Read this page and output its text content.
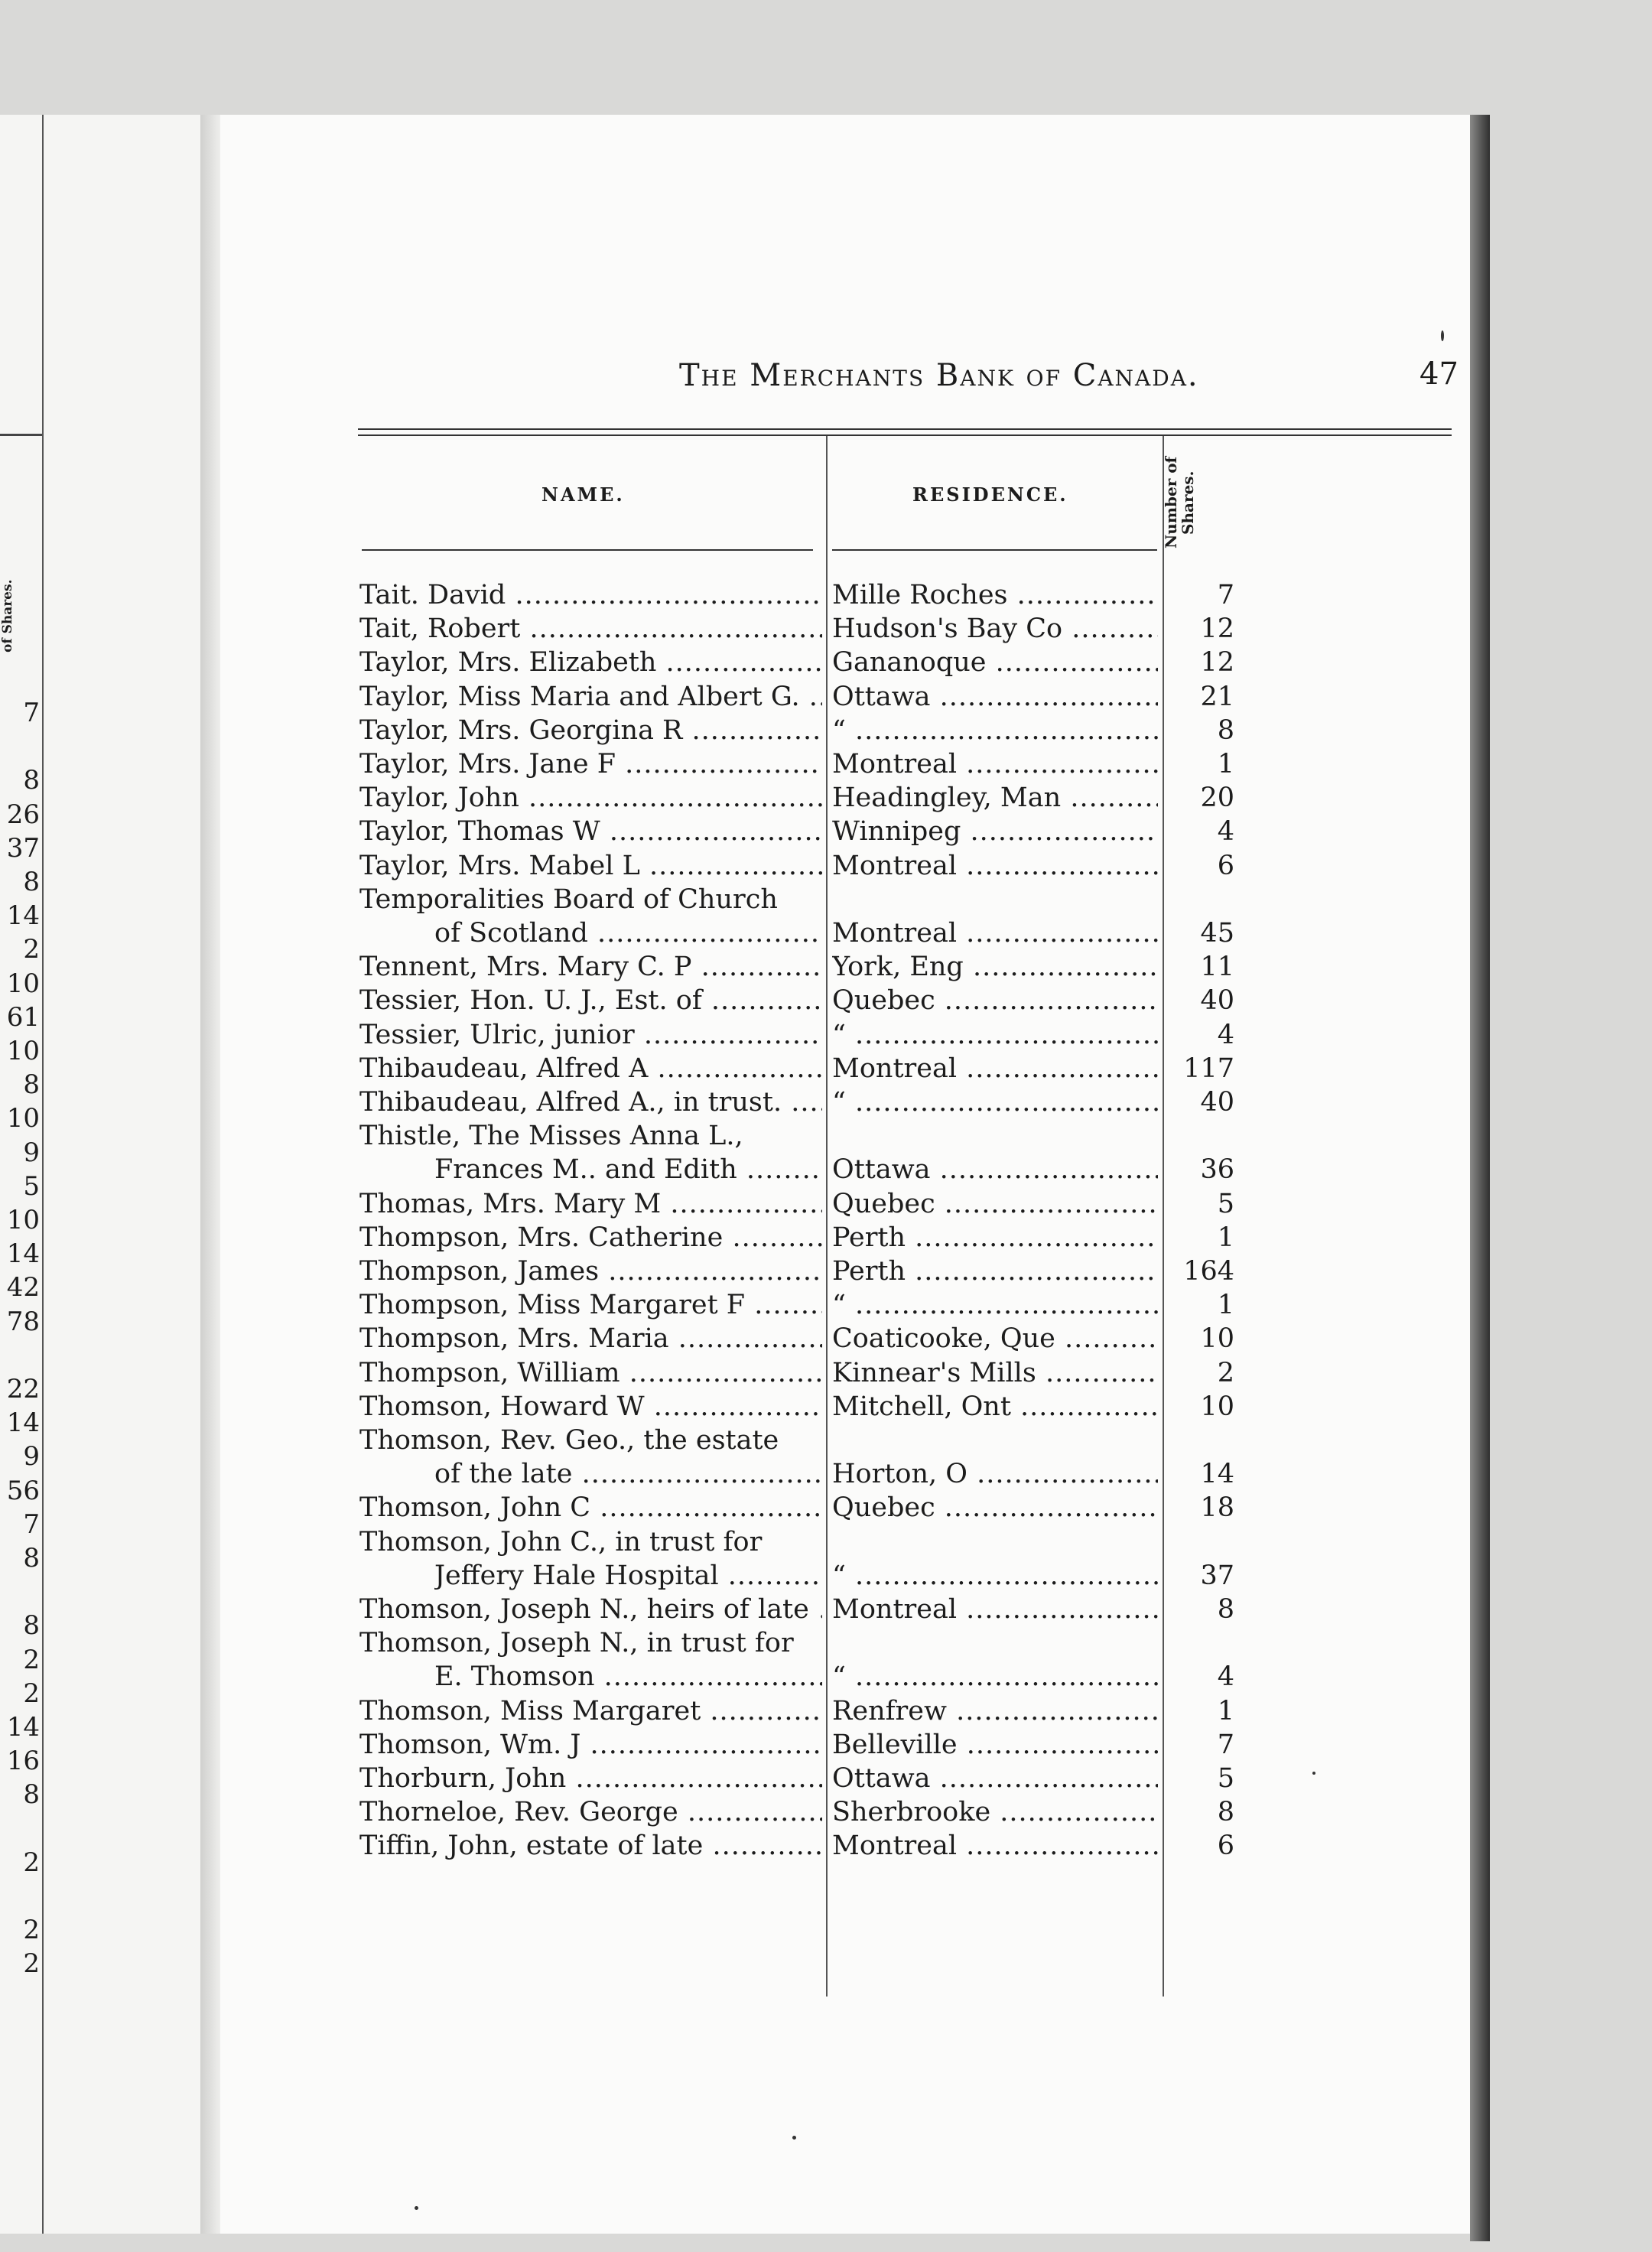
of Shares.
7
8
26
37
8
14
2
10
61
10
8
10
9
5
10
14
42
78
22
14
9
56
7
8
8
2
2
14
16
8
2
2
2
The Merchants Bank of Canada.	47
NAME.	RESIDENCE.	Number of Shares.
Tait. David .....	Mille Roches .....	7
Tait, Robert .....	Hudson's Bay Co .....	12
Taylor, Mrs. Elizabeth .....	Gananoque .....	12
Taylor, Miss Maria and Albert G. .....	Ottawa .....	21
Taylor, Mrs. Georgina R .....	“ .....	8
Taylor, Mrs. Jane F .....	Montreal .....	1
Taylor, John .....	Headingley, Man .....	20
Taylor, Thomas W .....	Winnipeg .....	4
Taylor, Mrs. Mabel L .....	Montreal .....	6
Temporalities Board of Church
of Scotland .....	Montreal .....	45
Tennent, Mrs. Mary C. P .....	York, Eng .....	11
Tessier, Hon. U. J., Est. of .....	Quebec .....	40
Tessier, Ulric, junior .....	“ .....	4
Thibaudeau, Alfred A .....	Montreal .....	117
Thibaudeau, Alfred A., in trust. .....	“ .....	40
Thistle, The Misses Anna L.,
Frances M.. and Edith .....	Ottawa .....	36
Thomas, Mrs. Mary M .....	Quebec .....	5
Thompson, Mrs. Catherine .....	Perth .....	1
Thompson, James .....	Perth .....	164
Thompson, Miss Margaret F .....	“ .....	1
Thompson, Mrs. Maria .....	Coaticooke, Que .....	10
Thompson, William .....	Kinnear's Mills .....	2
Thomson, Howard W .....	Mitchell, Ont .....	10
Thomson, Rev. Geo., the estate
of the late .....	Horton, O .....	14
Thomson, John C .....	Quebec .....	18
Thomson, John C., in trust for
Jeffery Hale Hospital .....	“ .....	37
Thomson, Joseph N., heirs of late ..... Montreal .....	8
Thomson, Joseph N., in trust for
E. Thomson .....	“ .....	4
Thomson, Miss Margaret .....	Renfrew .....	1
Thomson, Wm. J .....	Belleville .....	7
Thorburn, John .....	Ottawa .....	5
Thorneloe, Rev. George .....	Sherbrooke .....	8
Tiffin, John, estate of late .....	Montreal .....	6
